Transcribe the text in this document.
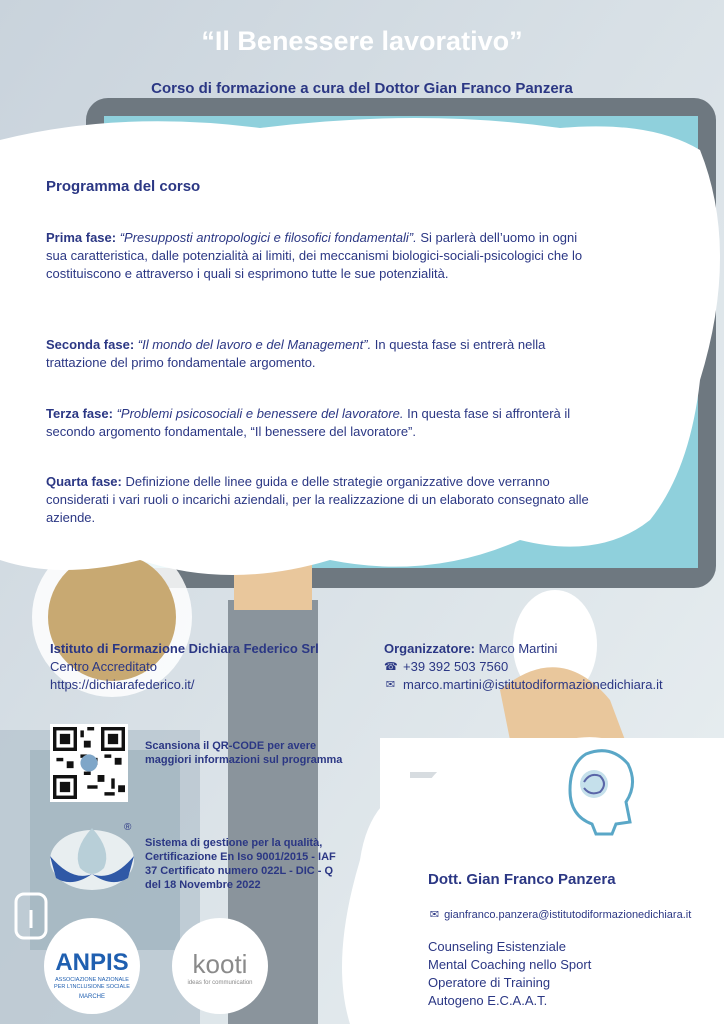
“Il Benessere lavorativo”
Corso di formazione a cura del Dottor Gian Franco Panzera
Programma del corso
Prima fase: “Presupposti antropologici e filosofici fondamentali”. Si parlerà dell’uomo in ogni sua caratteristica, dalle potenzialità ai limiti, dei meccanismi biologici-sociali-psicologici che lo costituiscono e attraverso i quali si esprimono tutte le sue potenzialità.
Seconda fase: “Il mondo del lavoro e del Management”. In questa fase si entrerà nella trattazione del primo fondamentale argomento.
Terza fase: “Problemi psicosociali e benessere del lavoratore. In questa fase si affronterà il secondo argomento fondamentale, “Il benessere del lavoratore”.
Quarta fase: Definizione delle linee guida e delle strategie organizzative dove verranno considerati i vari ruoli o incarichi aziendali, per la realizzazione di un elaborato consegnato alle aziende.
Istituto di Formazione Dichiara Federico Srl
Centro Accreditato
https://dichiarafederico.it/
Organizzatore: Marco Martini
☎ +39 392 503 7560
✉ marco.martini@istitutodiformazionedichiara.it
Scansiona il QR-CODE per avere maggiori informazioni sul programma
®
Sistema di gestione per la qualità, Certificazione En Iso 9001/2015 - IAF 37 Certificato numero 022L - DIC - Q del 18 Novembre 2022
ANPIS
ASSOCIAZIONE NAZIONALE
PER L'INCLUSIONE SOCIALE
MARCHE
kooti
ideas for communication
Dott. Gian Franco Panzera
✉ gianfranco.panzera@istitutodiformazionedichiara.it
Counseling Esistenziale
Mental Coaching nello Sport
Operatore di Training
Autogeno E.C.A.A.T.
